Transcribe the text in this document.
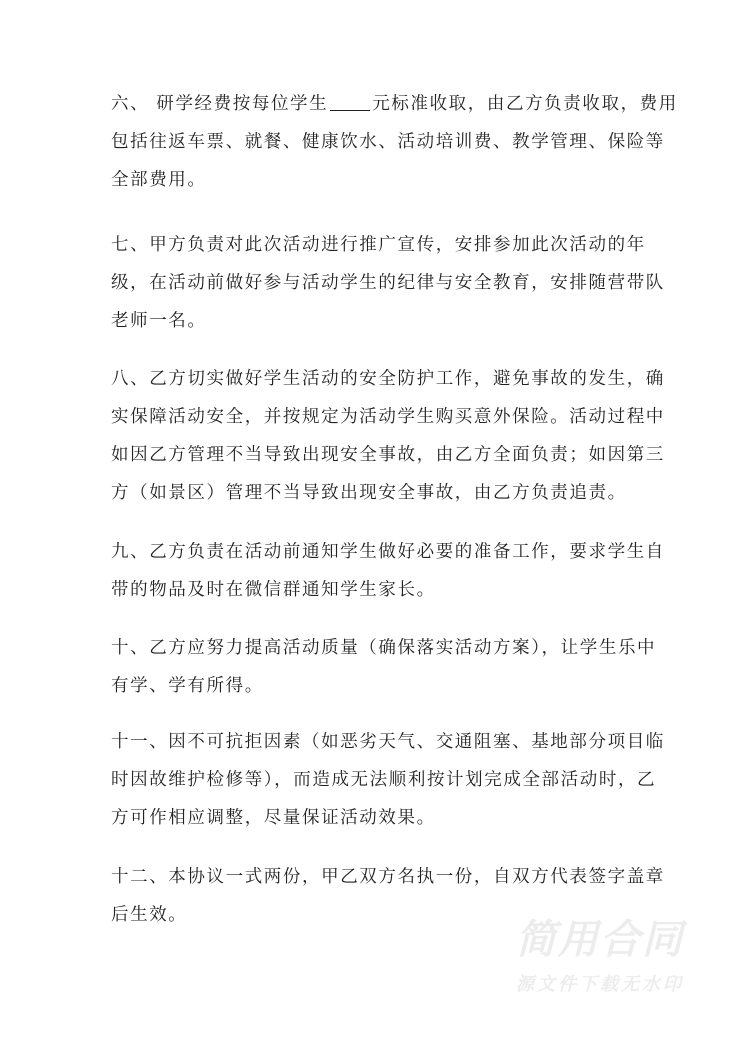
六、 研学经费按每位学生	元标准收取，由乙方负责收取，费用
包括往返车票、就餐、健康饮水、活动培训费、教学管理、保险等
全部费用。
七、甲方负责对此次活动进行推广宣传，安排参加此次活动的年
级，在活动前做好参与活动学生的纪律与安全教育，安排随营带队
老师一名。
八、乙方切实做好学生活动的安全防护工作，避免事故的发生，确
实保障活动安全，并按规定为活动学生购买意外保险。活动过程中
如因乙方管理不当导致出现安全事故，由乙方全面负责；如因第三
方（如景区）管理不当导致出现安全事故，由乙方负责追责。
九、乙方负责在活动前通知学生做好必要的准备工作，要求学生自
带的物品及时在微信群通知学生家长。
十、乙方应努力提高活动质量（确保落实活动方案），让学生乐中
有学、学有所得。
十一、因不可抗拒因素（如恶劣天气、交通阻塞、基地部分项目临
时因故维护检修等），而造成无法顺利按计划完成全部活动时，乙
方可作相应调整，尽量保证活动效果。
十二、本协议一式两份，甲乙双方名执一份，自双方代表签字盖章
后生效。
简用合同
源文件下载无水印
